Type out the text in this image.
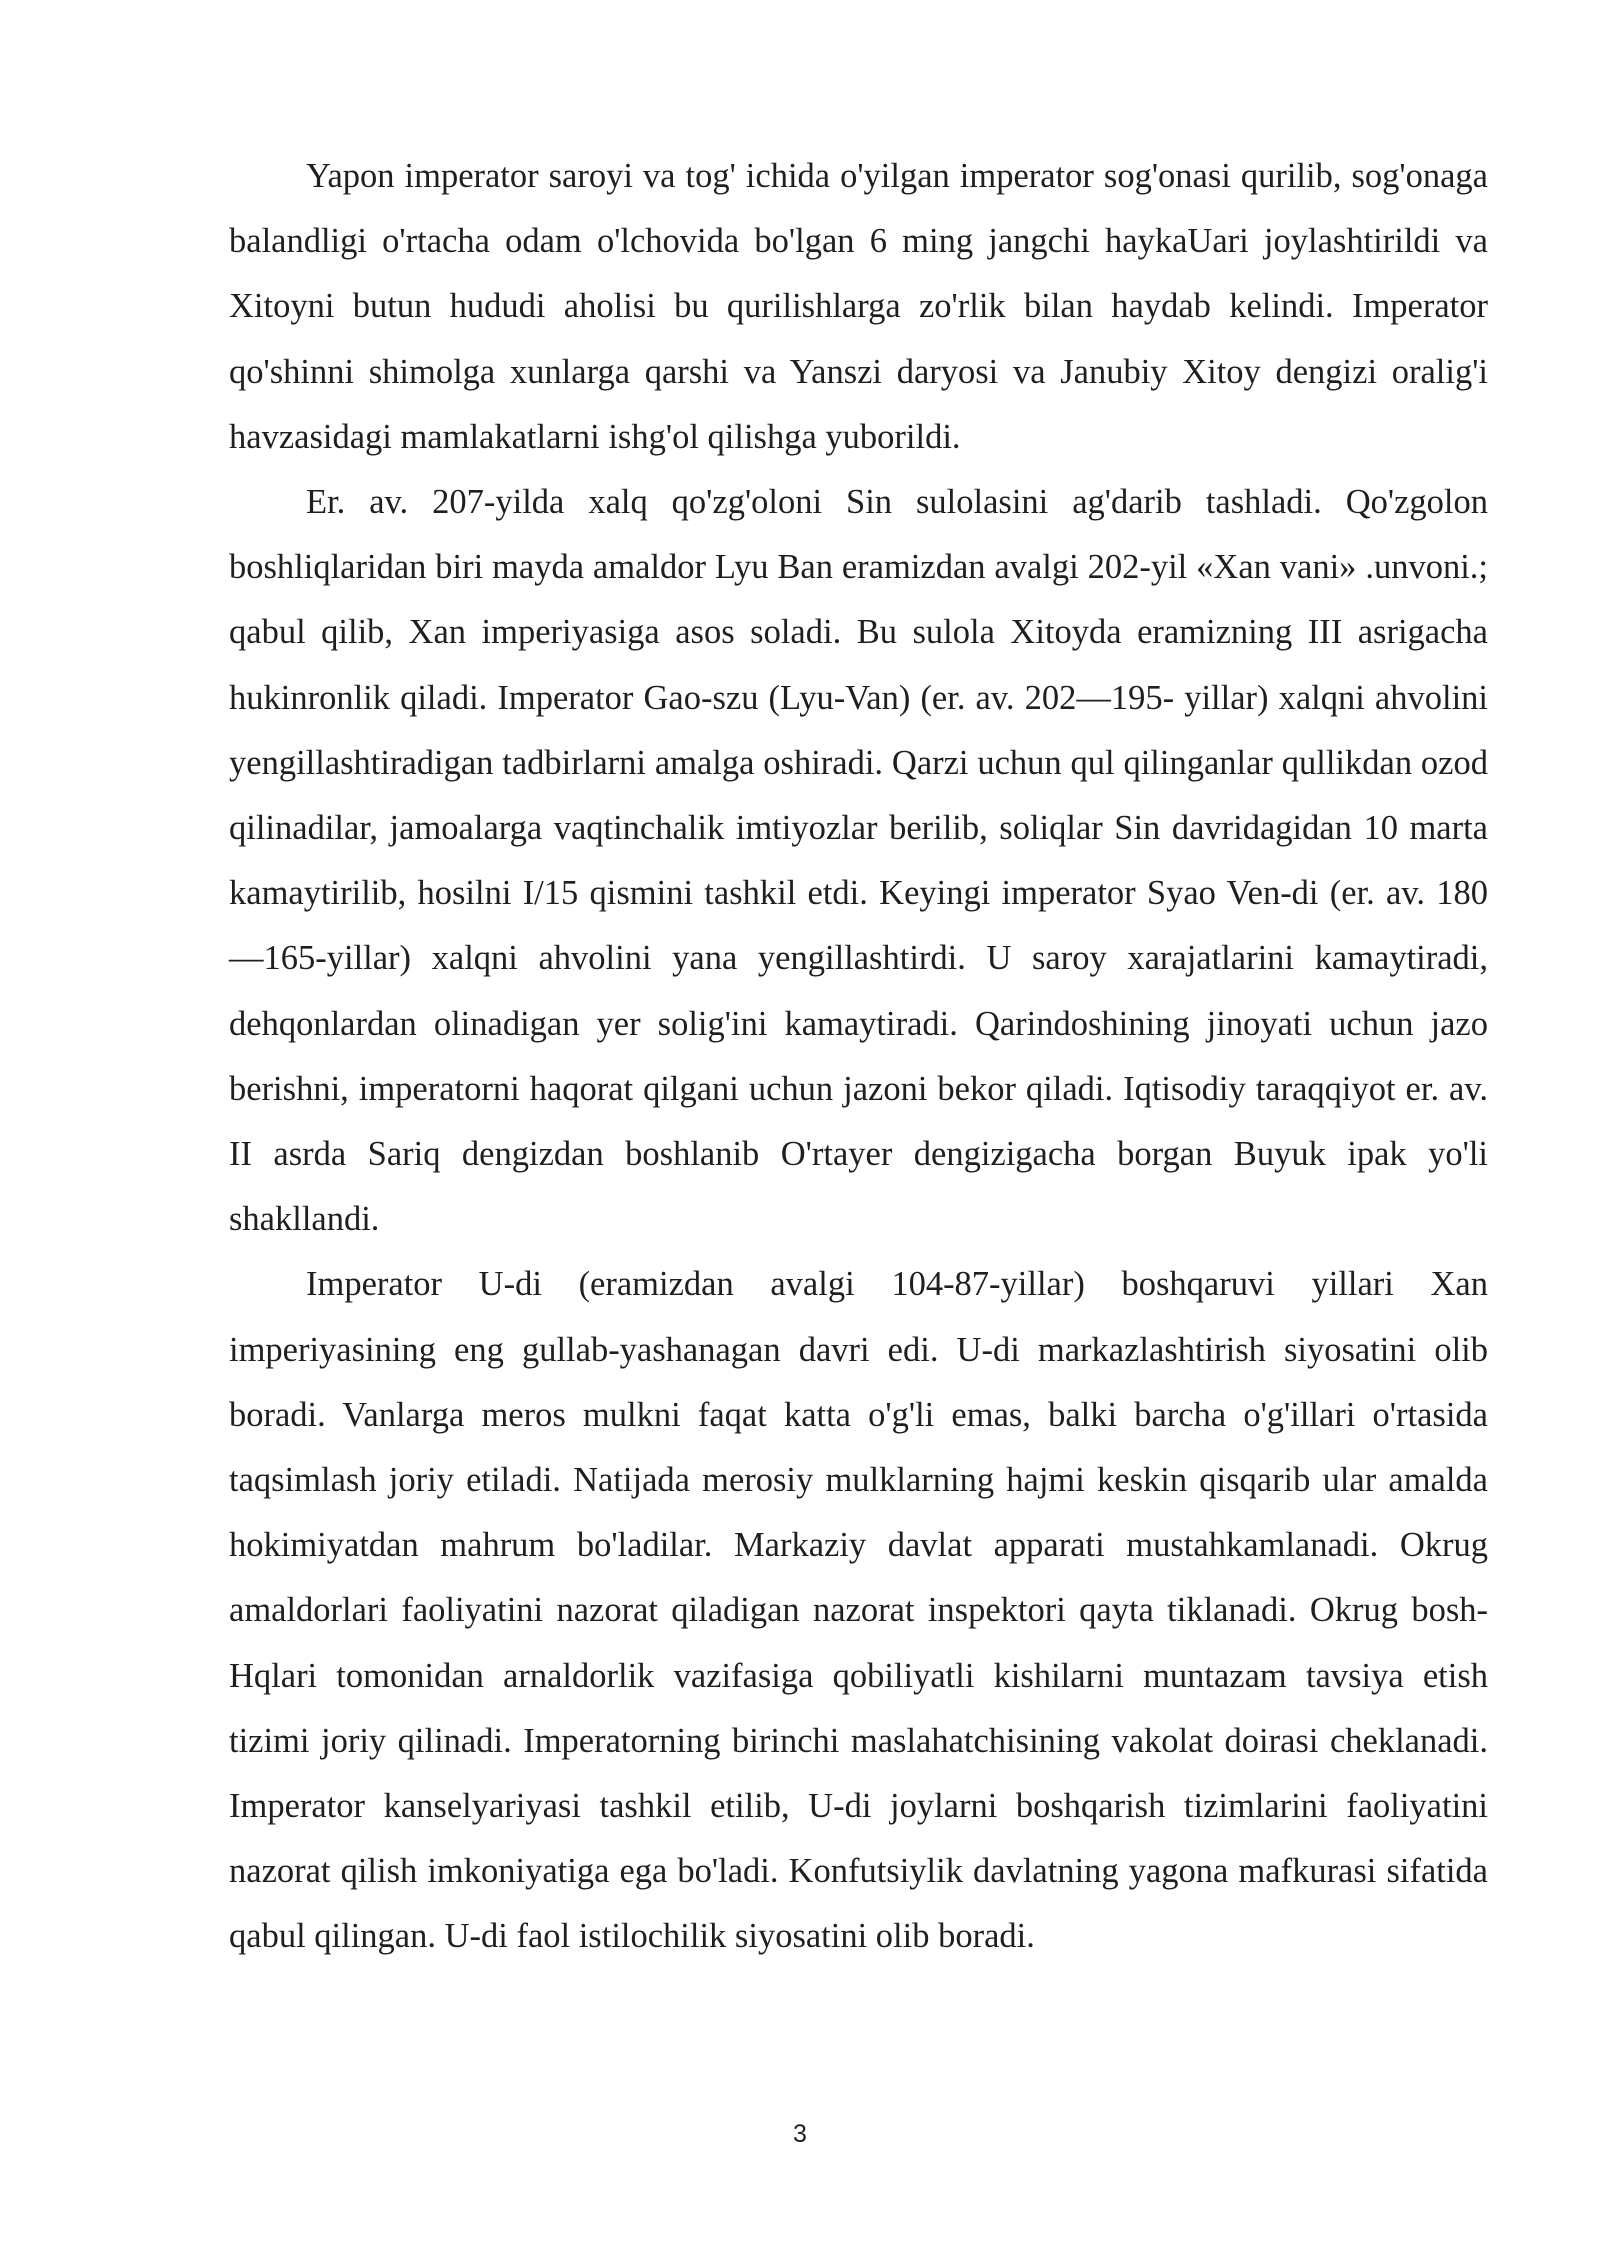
Yapon imperator saroyi va tog' ichida o'yilgan imperator sog'onasi qurilib, sog'onaga balandligi o'rtacha odam o'lchovida bo'lgan 6 ming jangchi haykaUari joylashtirildi va Xitoyni butun hududi aholisi bu qurilishlarga zo'rlik bilan haydab kelindi. Imperator qo'shinni shimolga xunlarga qarshi va Yanszi daryosi va Janubiy Xitoy dengizi oralig'i havzasidagi mamlakatlarni ishg'ol qilishga yuborildi.

Er. av. 207-yilda xalq qo'zg'oloni Sin sulolasini ag'darib tashladi. Qo'zgolon boshliqlaridan biri mayda amaldor Lyu Ban eramizdan avalgi 202-yil «Xan vani» .unvoni.; qabul qilib, Xan imperiyasiga asos soladi. Bu sulola Xitoyda eramizning III asrigacha hukinronlik qiladi. Imperator Gao-szu (Lyu-Van) (er. av. 202—195- yillar) xalqni ahvolini yengillashtiradigan tadbirlarni amalga oshiradi. Qarzi uchun qul qilinganlar qullikdan ozod qilinadilar, jamoalarga vaqtinchalik imtiyozlar berilib, soliqlar Sin davridagidan 10 marta kamaytirilib, hosilni I/15 qismini tashkil etdi. Keyingi imperator Syao Ven-di (er. av. 180—165-yillar) xalqni ahvolini yana yengillashtirdi. U saroy xarajatlarini kamaytiradi, dehqonlardan olinadigan yer solig'ini kamaytiradi. Qarindoshining jinoyati uchun jazo berishni, imperatorni haqorat qilgani uchun jazoni bekor qiladi. Iqtisodiy taraqqiyot er. av. II asrda Sariq dengizdan boshlanib O'rtayer dengizigacha borgan Buyuk ipak yo'li shakllandi.

Imperator U-di (eramizdan avalgi 104-87-yillar) boshqaruvi yillari Xan imperiyasining eng gullab-yashanagan davri edi. U-di markazlashtirish siyosatini olib boradi. Vanlarga meros mulkni faqat katta o'g'li emas, balki barcha o'g'illari o'rtasida taqsimlash joriy etiladi. Natijada merosiy mulklarning hajmi keskin qisqarib ular amalda hokimiyatdan mahrum bo'ladilar. Markaziy davlat apparati mustahkamlanadi. Okrug amaldorlari faoliyatini nazorat qiladigan nazorat inspektori qayta tiklanadi. Okrug bosh- Hqlari tomonidan arnaldorlik vazifasiga qobiliyatli kishilarni muntazam tavsiya etish tizimi joriy qilinadi. Imperatorning birinchi maslahatchisining vakolat doirasi cheklanadi. Imperator kanselyariyasi tashkil etilib, U-di joylarni boshqarish tizimlarini faoliyatini nazorat qilish imkoniyatiga ega bo'ladi. Konfutsiylik davlatning yagona mafkurasi sifatida qabul qilingan. U-di faol istilochilik siyosatini olib boradi.

3
